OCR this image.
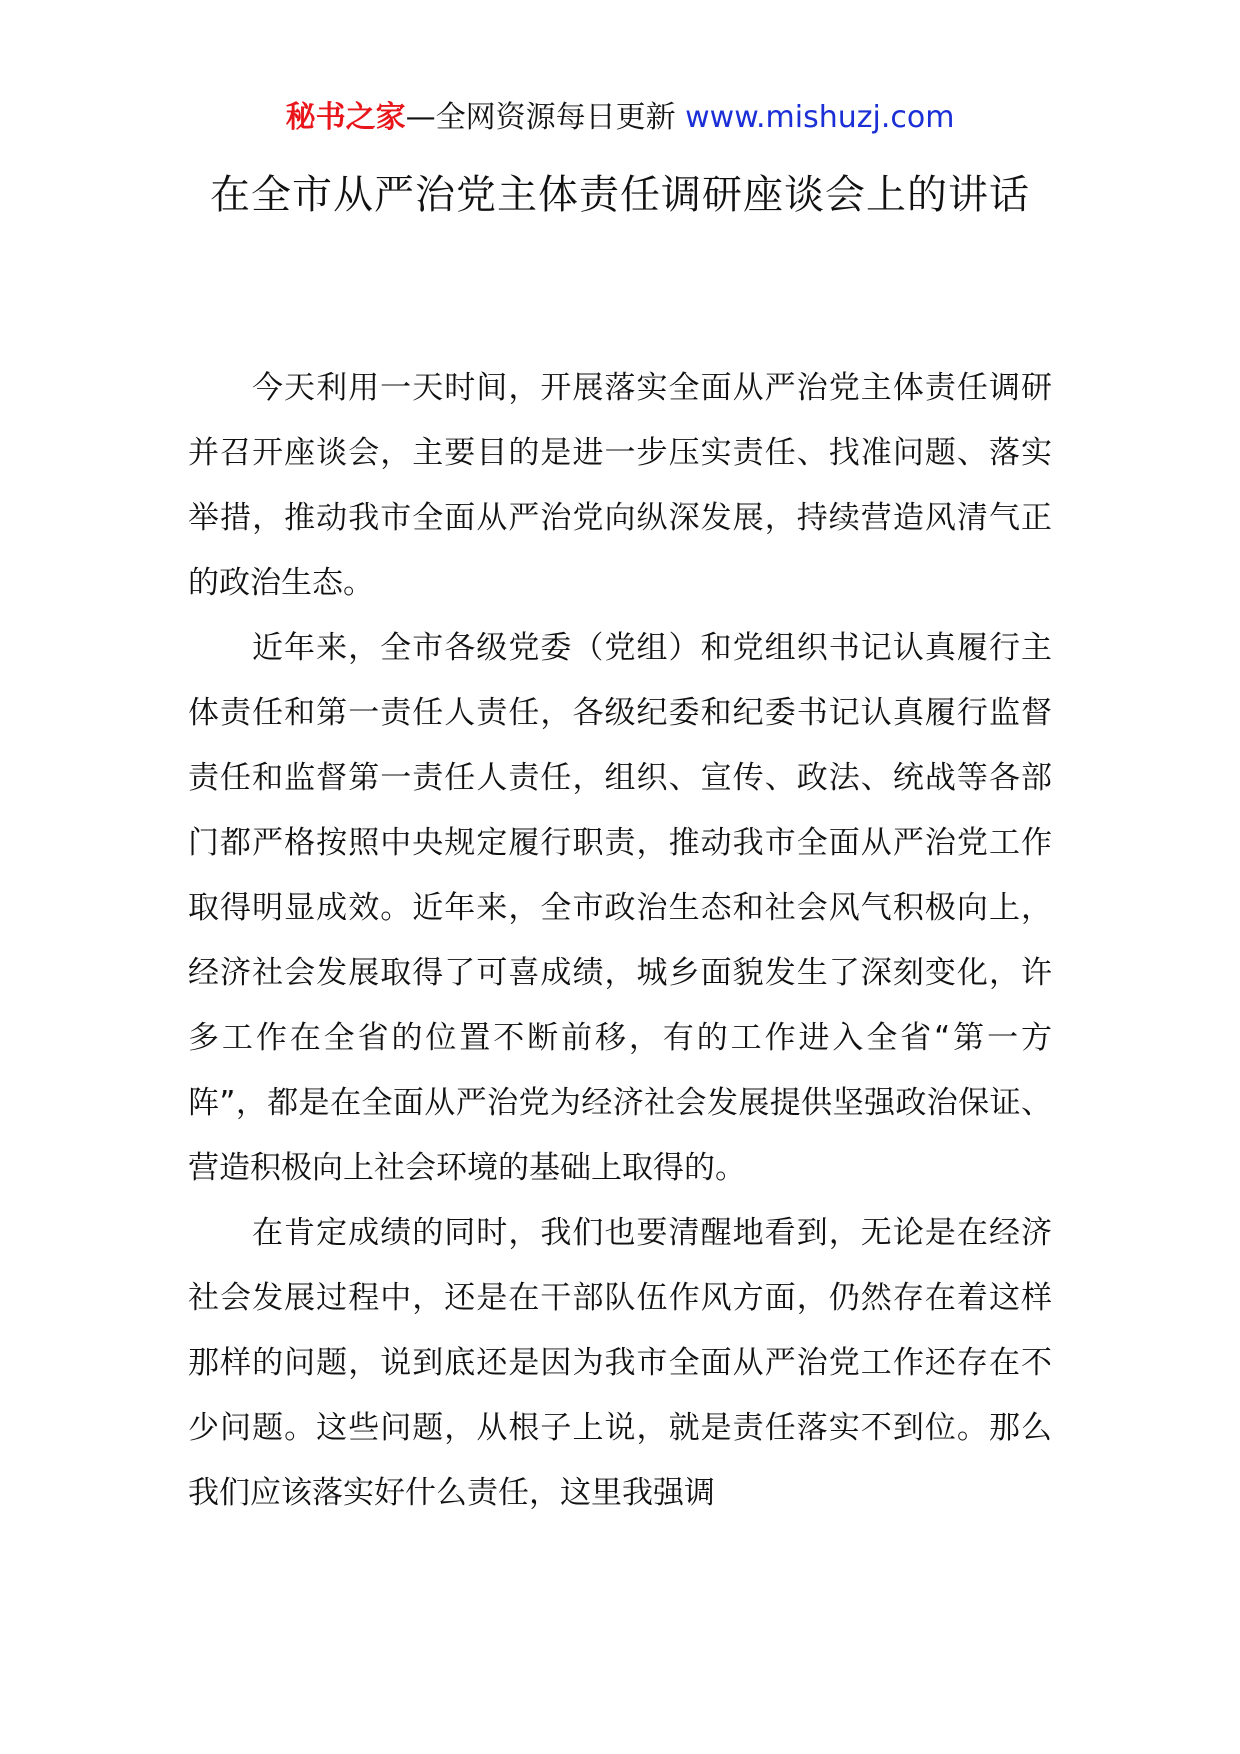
秘书之家—全网资源每日更新 www.mishuzj.com
在全市从严治党主体责任调研座谈会上的讲话

今天利用一天时间，开展落实全面从严治党主体责任调研并召开座谈会，主要目的是进一步压实责任、找准问题、落实举措，推动我市全面从严治党向纵深发展，持续营造风清气正的政治生态。

近年来，全市各级党委（党组）和党组织书记认真履行主体责任和第一责任人责任，各级纪委和纪委书记认真履行监督责任和监督第一责任人责任，组织、宣传、政法、统战等各部门都严格按照中央规定履行职责，推动我市全面从严治党工作取得明显成效。近年来，全市政治生态和社会风气积极向上，经济社会发展取得了可喜成绩，城乡面貌发生了深刻变化，许多工作在全省的位置不断前移，有的工作进入全省“第一方阵”，都是在全面从严治党为经济社会发展提供坚强政治保证、营造积极向上社会环境的基础上取得的。

在肯定成绩的同时，我们也要清醒地看到，无论是在经济社会发展过程中，还是在干部队伍作风方面，仍然存在着这样那样的问题，说到底还是因为我市全面从严治党工作还存在不少问题。这些问题，从根子上说，就是责任落实不到位。那么我们应该落实好什么责任，这里我强调
